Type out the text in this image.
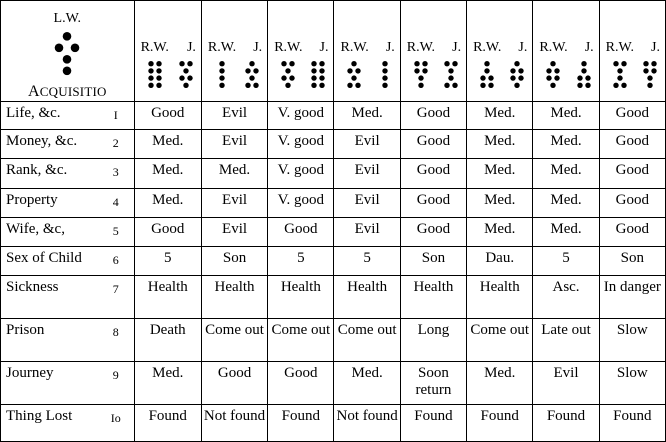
L.W.
ACQUISITIO		R.W. J.	R.W. J.	R.W. J.	R.W. J.	R.W. J.	R.W. J.	R.W. J.	R.W. J.

Life, &c.	I	Good	Evil	V. good	Med.	Good	Med.	Med.	Good
Money, &c.	2	Med.	Evil	V. good	Evil	Good	Med.	Med.	Good
Rank, &c.	3	Med.	Med.	V. good	Evil	Good	Med.	Med.	Good
Property	4	Med.	Evil	V. good	Evil	Good	Med.	Med.	Good
Wife, &c,	5	Good	Evil	Good	Evil	Good	Med.	Med.	Good
Sex of Child	6	5	Son	5	5	Son	Dau.	5	Son
Sickness	7	Health	Health	Health	Health	Health	Health	Asc.	In danger
Prison	8	Death	Come out	Come out	Come out	Long	Come out	Late out	Slow
Journey	9	Med.	Good	Good	Med.	Soon return	Med.	Evil	Slow
Thing Lost	Io	Found	Not found	Found	Not found	Found	Found	Found	Found
